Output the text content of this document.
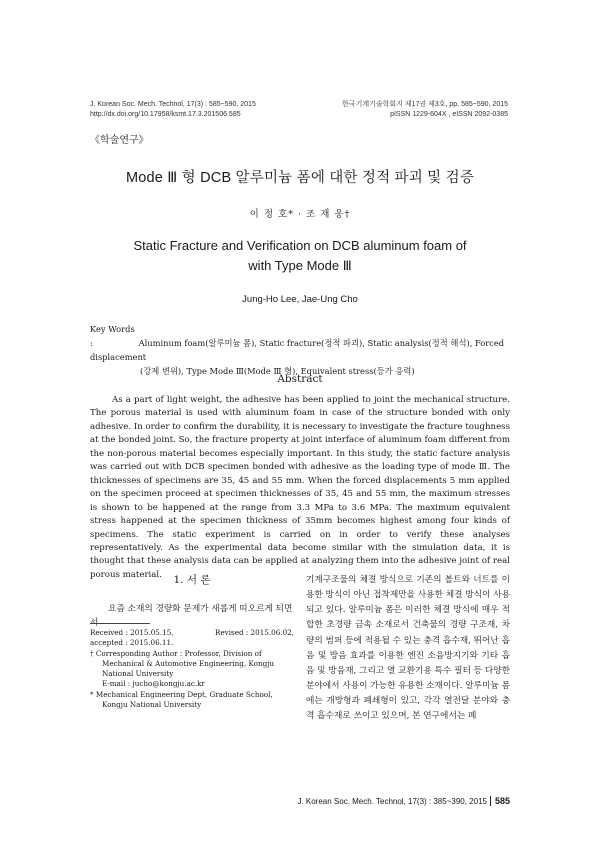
J. Korean Soc. Mech. Technol, 17(3) : 585~590, 2015
http://dx.doi.org/10.17958/ksmt.17.3.201506.585
한국기계기술학회지 제17권 제3호, pp. 585~590, 2015
pISSN 1229-604X , eISSN 2092-0385
《학술연구》
Mode Ⅲ 형 DCB 알루미늄 폼에 대한 정적 파괴 및 검증
이 정 호* · 조 재 웅†
Static Fracture and Verification on DCB aluminum foam of
with Type Mode Ⅲ
Jung-Ho Lee, Jae-Ung Cho
Key Words :	Aluminum foam(알루미늄 폼), Static fracture(정적 파괴), Static analysis(정적 해석), Forced displacement
(강제 변위), Type Mode Ⅲ(Mode Ⅲ 형), Equivalent stress(등가 응력)
Abstract

As a part of light weight, the adhesive has been applied to joint the mechanical structure. The porous material is used with aluminum foam in case of the structure bonded with only adhesive. In order to confirm the durability, it is necessary to investigate the fracture toughness at the bonded joint. So, the fracture property at joint interface of aluminum foam different from the non-porous material becomes especially important. In this study, the static facture analysis was carried out with DCB specimen bonded with adhesive as the loading type of mode Ⅲ. The thicknesses of specimens are 35, 45 and 55 mm. When the forced displacements 5 mm applied on the specimen proceed at specimen thicknesses of 35, 45 and 55 mm, the maximum stresses is shown to be happened at the range from 3.3 MPa to 3.6 MPa. The maximum equivalent stress happened at the specimen thickness of 35mm becomes highest among four kinds of specimens. The static experiment is carried on in order to verify these analyses representatively. As the experimental data become similar with the simulation data, it is thought that these analysis data can be applied at analyzing them into the adhesive joint of real porous material.	1. 서 론
요즘 소재의 경량화 문제가 새롭게 띠오르게 되면서
Received : 2015.05.15,	Revised : 2015.06.02,
accepted : 2015.06.11.
† Corresponding Author : Professor, Division of
Mechanical & Automotive Engineering, Kongju
National University
E-mail : jucho@kongju.ac.kr
* Mechanical Engineering Dept, Graduate School,
Kongju National University
기계구조물의 체결 방식으로 기존의 볼트와 너트를 이용한 방식이 아닌 접착제만을 사용한 체결 방식이 사용되고 있다. 알루미늄 폼은 이러한 체결 방식에 매우 적합한 초경량 금속 소재로서 건축물의 경량 구조재, 차량의 범퍼 등에 적용될 수 있는 충격 흡수재, 뛰어난 흡음 및 방음 효과를 이용한 엔진 소음방지기와 기타 흡음 및 방음재, 그리고 열 교환기용 특수 필터 등 다양한 분야에서 사용이 가능한 유용한 소재이다. 알루미늄 폼에는 개방형과 폐쇄형이 있고, 각각 열전달 분야와 충격 흡수재로 쓰이고 있으며, 본 연구에서는 폐
J. Korean Soc. Mech. Technol, 17(3) : 385~390, 2015 585
